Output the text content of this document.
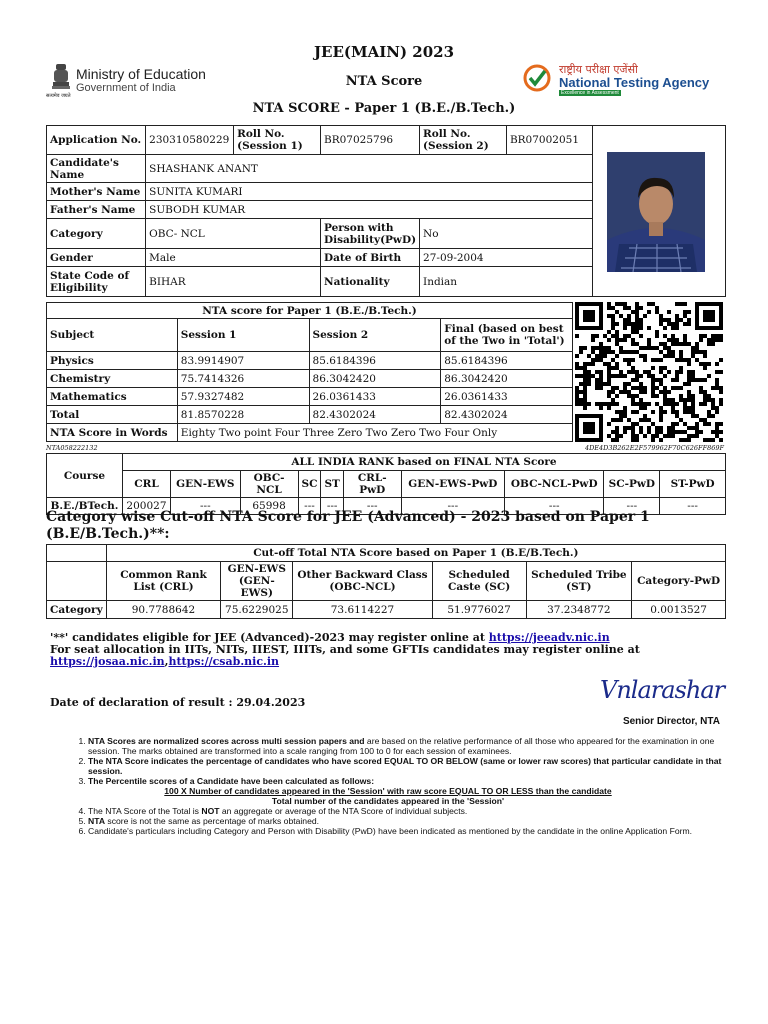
JEE(MAIN) 2023
NTA Score
NTA SCORE - Paper 1 (B.E./B.Tech.)
सत्यमेव जयते
Ministry of Education
Government of India
राष्ट्रीय परीक्षा एजेंसी
National Testing Agency
Excellence in Assessment
Application No.	230310580229	Roll No. (Session 1)	BR07025796	Roll No. (Session 2)	BR07002051	
Candidate's Name	SHASHANK ANANT					
Mother's Name	SUNITA KUMARI					
Father's Name	SUBODH KUMAR					
Category	OBC- NCL		Person with Disability(PwD)	No		
Gender	Male		Date of Birth	27-09-2004		
State Code of Eligibility	BIHAR		Nationality	Indian		
NTA score for Paper 1 (B.E./B.Tech.)			
Subject	Session 1	Session 2	Final (based on best of the Two in 'Total')
Physics	83.9914907	85.6184396	85.6184396
Chemistry	75.7414326	86.3042420	86.3042420
Mathematics	57.9327482	26.0361433	26.0361433
Total	81.8570228	82.4302024	82.4302024
NTA Score in Words	Eighty Two point Four Three Zero Two Zero Two Four Only		
NTA058222132	4DE4D3B262E2F579962F70C626FF869F
Course	ALL INDIA RANK based on FINAL NTA Score									
	CRL	GEN-EWS	OBC-NCL	SC	ST	CRL-PwD	GEN-EWS-PwD	OBC-NCL-PwD	SC-PwD	ST-PwD
B.E./BTech.	200027	---	65998	---	---	---	---	---	---	---
Category wise Cut-off NTA Score for JEE (Advanced) - 2023 based on Paper 1 (B.E/B.Tech.)**:
	Cut-off Total NTA Score based on Paper 1 (B.E/B.Tech.)					
	Common Rank List (CRL)	GEN-EWS (GEN-EWS)	Other Backward Class (OBC-NCL)	Scheduled Caste (SC)	Scheduled Tribe (ST)	Category-PwD
Category	90.7788642	75.6229025	73.6114227	51.9776027	37.2348772	0.0013527
'**' candidates eligible for JEE (Advanced)-2023 may register online at https://jeeadv.nic.in
For seat allocation in IITs, NITs, IIEST, IIITs, and some GFTIs candidates may register online at
https://josaa.nic.in,https://csab.nic.in
Date of declaration of result : 29.04.2023	Vnlarashar
Senior Director, NTA
1. NTA Scores are normalized scores across multi session papers and are based on the relative performance of all those who appeared for the examination in one session. The marks obtained are transformed into a scale ranging from 100 to 0 for each session of examinees.
2. The NTA Score indicates the percentage of candidates who have scored EQUAL TO OR BELOW (same or lower raw scores) that particular candidate in that session.
3. The Percentile scores of a Candidate have been calculated as follows:
100 X Number of candidates appeared in the 'Session' with raw score EQUAL TO OR LESS than the candidate
Total number of the candidates appeared in the 'Session'
4. The NTA Score of the Total is NOT an aggregate or average of the NTA Score of individual subjects.
5. NTA score is not the same as percentage of marks obtained.
6. Candidate's particulars including Category and Person with Disability (PwD) have been indicated as mentioned by the candidate in the online Application Form.
